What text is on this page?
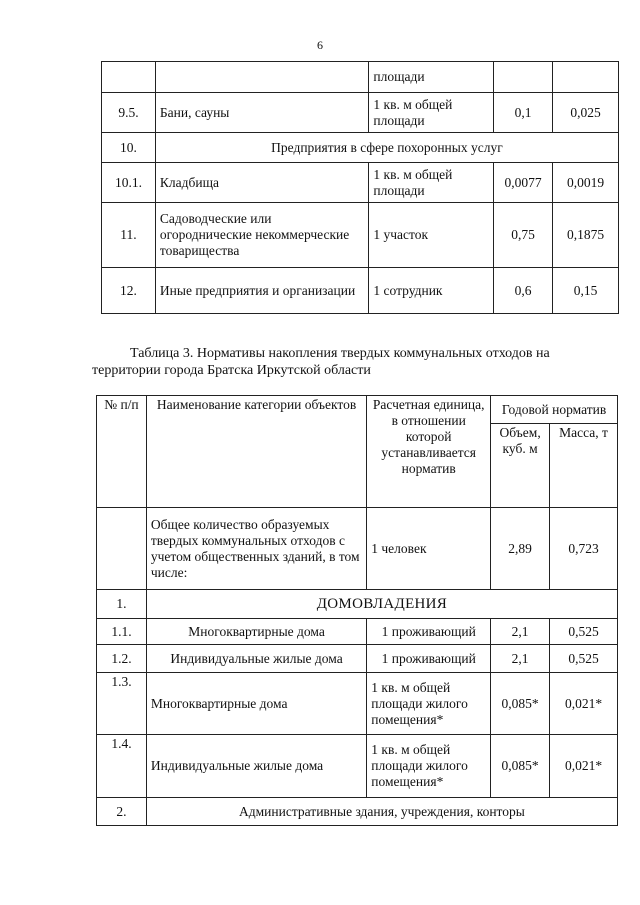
6
		площади		
9.5.	Бани, сауны	1 кв. м общей площади	0,1	0,025
10.	Предприятия в сфере похоронных услуг			
10.1.	Кладбища	1 кв. м общей площади	0,0077	0,0019
11.	Садоводческие или огороднические некоммерческие товарищества	1 участок	0,75	0,1875
12.	Иные предприятия и организации	1 сотрудник	0,6	0,15
Таблица 3. Нормативы накопления твердых коммунальных отходов на
территории города Братска Иркутской области
№ п/п	Наименование категории объектов	Расчетная единица, в отношении которой устанавливается норматив	Годовой норматив	
			Объем, куб. м	Масса, т
	Общее количество образуемых твердых коммунальных отходов с учетом общественных зданий, в том числе:	1 человек	2,89	0,723
1.	ДОМОВЛАДЕНИЯ			
1.1.	Многоквартирные дома	1 проживающий	2,1	0,525
1.2.	Индивидуальные жилые дома	1 проживающий	2,1	0,525
1.3.	Многоквартирные дома	1 кв. м общей площади жилого помещения*	0,085*	0,021*
1.4.	Индивидуальные жилые дома	1 кв. м общей площади жилого помещения*	0,085*	0,021*
2.	Административные здания, учреждения, конторы			
